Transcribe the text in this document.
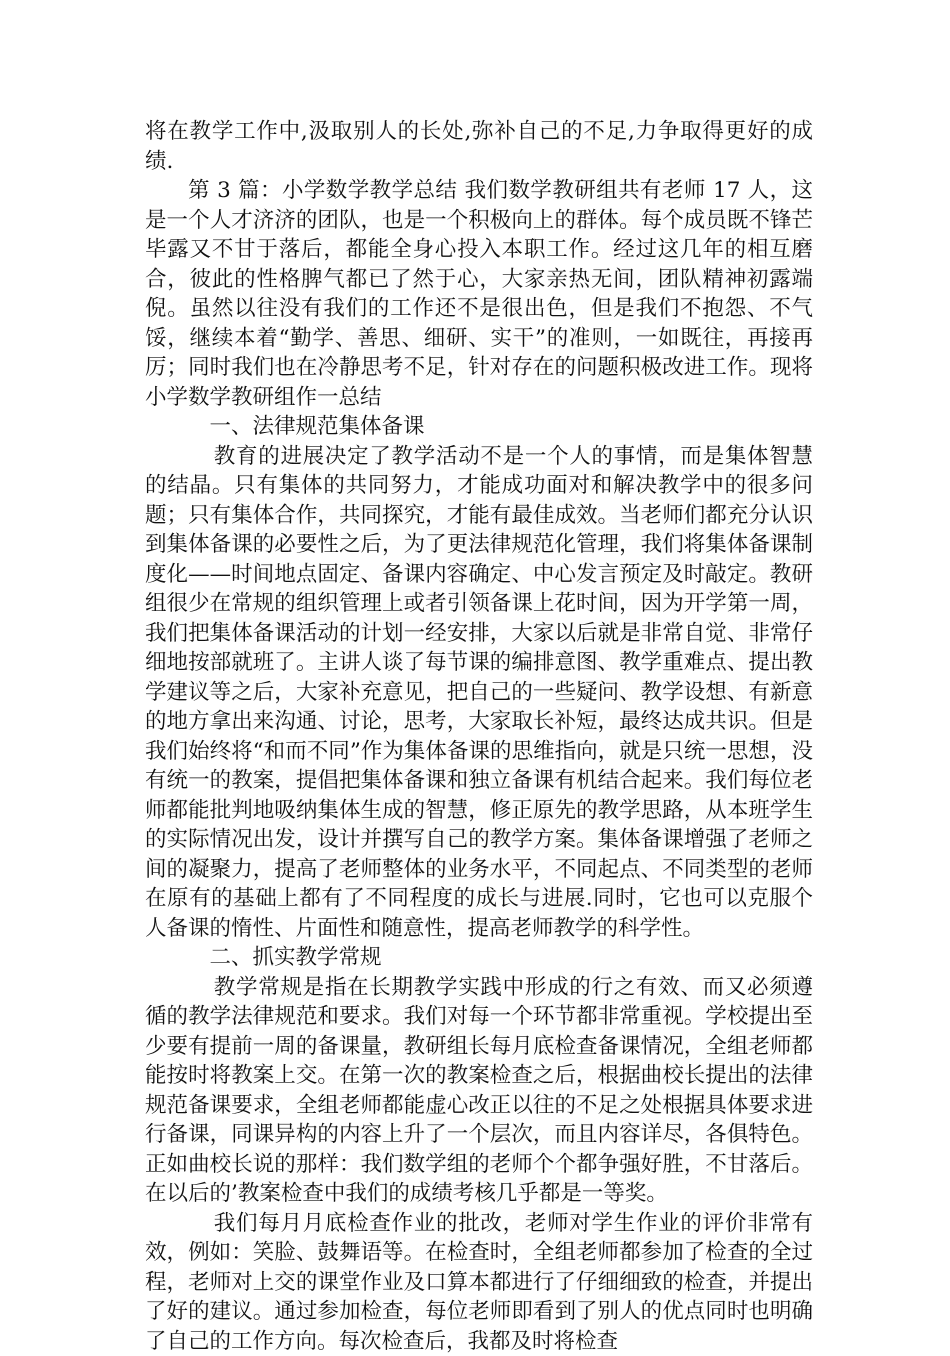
将在教学工作中,汲取别人的长处,弥补自己的不足,力争取得更好的成绩.

第 3 篇：小学数学教学总结 我们数学教研组共有老师 17 人，这是一个人才济济的团队，也是一个积极向上的群体。每个成员既不锋芒毕露又不甘于落后，都能全身心投入本职工作。经过这几年的相互磨合，彼此的性格脾气都已了然于心，大家亲热无间，团队精神初露端倪。虽然以往没有我们的工作还不是很出色，但是我们不抱怨、不气馁，继续本着“勤学、善思、细研、实干”的准则，一如既往，再接再厉；同时我们也在冷静思考不足，针对存在的问题积极改进工作。现将小学数学教研组作一总结

一、法律规范集体备课

教育的进展决定了教学活动不是一个人的事情，而是集体智慧的结晶。只有集体的共同努力，才能成功面对和解决教学中的很多问题；只有集体合作，共同探究，才能有最佳成效。当老师们都充分认识到集体备课的必要性之后，为了更法律规范化管理，我们将集体备课制度化——时间地点固定、备课内容确定、中心发言预定及时敲定。教研组很少在常规的组织管理上或者引领备课上花时间，因为开学第一周，我们把集体备课活动的计划一经安排，大家以后就是非常自觉、非常仔细地按部就班了。主讲人谈了每节课的编排意图、教学重难点、提出教学建议等之后，大家补充意见，把自己的一些疑问、教学设想、有新意的地方拿出来沟通、讨论，思考，大家取长补短，最终达成共识。但是我们始终将“和而不同”作为集体备课的思维指向，就是只统一思想，没有统一的教案，提倡把集体备课和独立备课有机结合起来。我们每位老师都能批判地吸纳集体生成的智慧，修正原先的教学思路，从本班学生的实际情况出发，设计并撰写自己的教学方案。集体备课增强了老师之间的凝聚力，提高了老师整体的业务水平，不同起点、不同类型的老师在原有的基础上都有了不同程度的成长与进展.同时，它也可以克服个人备课的惰性、片面性和随意性，提高老师教学的科学性。

二、抓实教学常规

教学常规是指在长期教学实践中形成的行之有效、而又必须遵循的教学法律规范和要求。我们对每一个环节都非常重视。学校提出至少要有提前一周的备课量，教研组长每月底检查备课情况，全组老师都能按时将教案上交。在第一次的教案检查之后，根据曲校长提出的法律规范备课要求，全组老师都能虚心改正以往的不足之处根据具体要求进行备课，同课异构的内容上升了一个层次，而且内容详尽，各俱特色。正如曲校长说的那样：我们数学组的老师个个都争强好胜，不甘落后。在以后的’教案检查中我们的成绩考核几乎都是一等奖。

我们每月月底检查作业的批改，老师对学生作业的评价非常有效，例如：笑脸、鼓舞语等。在检查时，全组老师都参加了检查的全过程，老师对上交的课堂作业及口算本都进行了仔细细致的检查，并提出了好的建议。通过参加检查，每位老师即看到了别人的优点同时也明确了自己的工作方向。每次检查后，我都及时将检查
